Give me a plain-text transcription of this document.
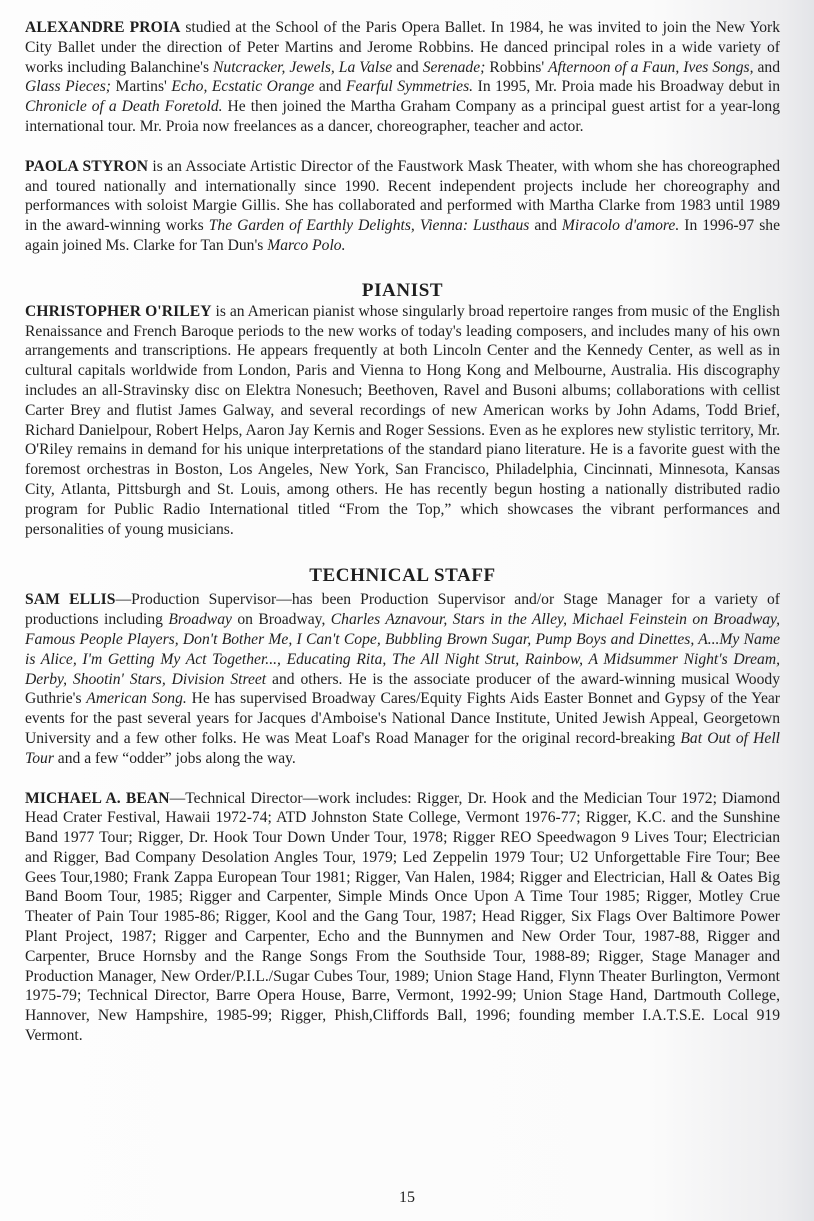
ALEXANDRE PROIA studied at the School of the Paris Opera Ballet. In 1984, he was invited to join the New York City Ballet under the direction of Peter Martins and Jerome Robbins. He danced principal roles in a wide variety of works including Balanchine's Nutcracker, Jewels, La Valse and Serenade; Robbins' Afternoon of a Faun, Ives Songs, and Glass Pieces; Martins' Echo, Ecstatic Orange and Fearful Symmetries. In 1995, Mr. Proia made his Broadway debut in Chronicle of a Death Foretold. He then joined the Martha Graham Company as a principal guest artist for a year-long international tour. Mr. Proia now freelances as a dancer, choreographer, teacher and actor.

PAOLA STYRON is an Associate Artistic Director of the Faustwork Mask Theater, with whom she has choreographed and toured nationally and internationally since 1990. Recent independent projects include her choreography and performances with soloist Margie Gillis. She has collaborated and performed with Martha Clarke from 1983 until 1989 in the award-winning works The Garden of Earthly Delights, Vienna: Lusthaus and Miracolo d'amore. In 1996-97 she again joined Ms. Clarke for Tan Dun's Marco Polo.

PIANIST

CHRISTOPHER O'RILEY is an American pianist whose singularly broad repertoire ranges from music of the English Renaissance and French Baroque periods to the new works of today's leading composers, and includes many of his own arrangements and transcriptions. He appears frequently at both Lincoln Center and the Kennedy Center, as well as in cultural capitals worldwide from London, Paris and Vienna to Hong Kong and Melbourne, Australia. His discography includes an all-Stravinsky disc on Elektra Nonesuch; Beethoven, Ravel and Busoni albums; collaborations with cellist Carter Brey and flutist James Galway, and several recordings of new American works by John Adams, Todd Brief, Richard Danielpour, Robert Helps, Aaron Jay Kernis and Roger Sessions. Even as he explores new stylistic territory, Mr. O'Riley remains in demand for his unique interpretations of the standard piano literature. He is a favorite guest with the foremost orchestras in Boston, Los Angeles, New York, San Francisco, Philadelphia, Cincinnati, Minnesota, Kansas City, Atlanta, Pittsburgh and St. Louis, among others. He has recently begun hosting a nationally distributed radio program for Public Radio International titled “From the Top,” which showcases the vibrant performances and personalities of young musicians.

TECHNICAL STAFF

SAM ELLIS—Production Supervisor—has been Production Supervisor and/or Stage Manager for a variety of productions including Broadway on Broadway, Charles Aznavour, Stars in the Alley, Michael Feinstein on Broadway, Famous People Players, Don't Bother Me, I Can't Cope, Bubbling Brown Sugar, Pump Boys and Dinettes, A...My Name is Alice, I'm Getting My Act Together..., Educating Rita, The All Night Strut, Rainbow, A Midsummer Night's Dream, Derby, Shootin' Stars, Division Street and others. He is the associate producer of the award-winning musical Woody Guthrie's American Song. He has supervised Broadway Cares/Equity Fights Aids Easter Bonnet and Gypsy of the Year events for the past several years for Jacques d'Amboise's National Dance Institute, United Jewish Appeal, Georgetown University and a few other folks. He was Meat Loaf's Road Manager for the original record-breaking Bat Out of Hell Tour and a few “odder” jobs along the way.

MICHAEL A. BEAN—Technical Director—work includes: Rigger, Dr. Hook and the Medician Tour 1972; Diamond Head Crater Festival, Hawaii 1972-74; ATD Johnston State College, Vermont 1976-77; Rigger, K.C. and the Sunshine Band 1977 Tour; Rigger, Dr. Hook Tour Down Under Tour, 1978; Rigger REO Speedwagon 9 Lives Tour; Electrician and Rigger, Bad Company Desolation Angles Tour, 1979; Led Zeppelin 1979 Tour; U2 Unforgettable Fire Tour; Bee Gees Tour,1980; Frank Zappa European Tour 1981; Rigger, Van Halen, 1984; Rigger and Electrician, Hall & Oates Big Band Boom Tour, 1985; Rigger and Carpenter, Simple Minds Once Upon A Time Tour 1985; Rigger, Motley Crue Theater of Pain Tour 1985-86; Rigger, Kool and the Gang Tour, 1987; Head Rigger, Six Flags Over Baltimore Power Plant Project, 1987; Rigger and Carpenter, Echo and the Bunnymen and New Order Tour, 1987-88, Rigger and Carpenter, Bruce Hornsby and the Range Songs From the Southside Tour, 1988-89; Rigger, Stage Manager and Production Manager, New Order/P.I.L./Sugar Cubes Tour, 1989; Union Stage Hand, Flynn Theater Burlington, Vermont 1975-79; Technical Director, Barre Opera House, Barre, Vermont, 1992-99; Union Stage Hand, Dartmouth College, Hannover, New Hampshire, 1985-99; Rigger, Phish,Cliffords Ball, 1996; founding member I.A.T.S.E. Local 919 Vermont.

15
